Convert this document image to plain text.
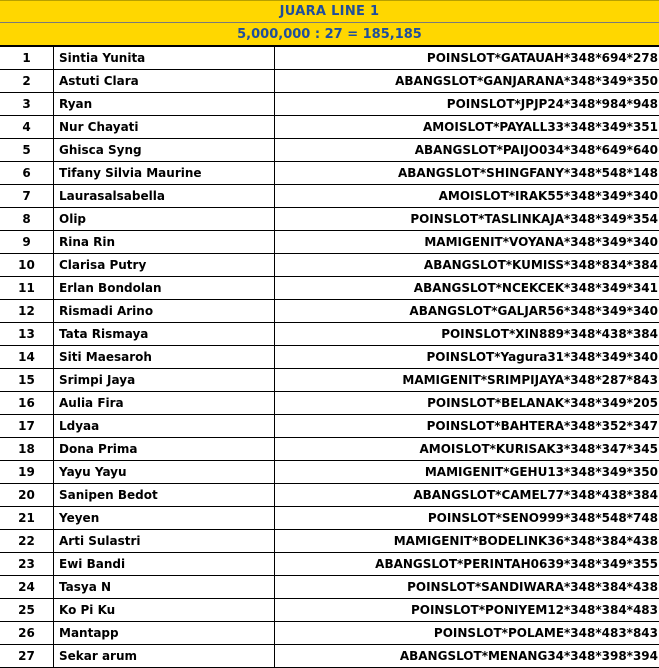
JUARA LINE 1
5,000,000 : 27 = 185,185
1	Sintia Yunita	POINSLOT*GATAUAH*348*694*278
2	Astuti Clara	ABANGSLOT*GANJARANA*348*349*350
3	Ryan	POINSLOT*JPJP24*348*984*948
4	Nur Chayati	AMOISLOT*PAYALL33*348*349*351
5	Ghisca Syng	ABANGSLOT*PAIJO034*348*649*640
6	Tifany Silvia Maurine	ABANGSLOT*SHINGFANY*348*548*148
7	Laurasalsabella	AMOISLOT*IRAK55*348*349*340
8	Olip	POINSLOT*TASLINKAJA*348*349*354
9	Rina Rin	MAMIGENIT*VOYANA*348*349*340
10	Clarisa Putry	ABANGSLOT*KUMISS*348*834*384
11	Erlan Bondolan	ABANGSLOT*NCEKCEK*348*349*341
12	Rismadi Arino	ABANGSLOT*GALJAR56*348*349*340
13	Tata Rismaya	POINSLOT*XIN889*348*438*384
14	Siti Maesaroh	POINSLOT*Yagura31*348*349*340
15	Srimpi Jaya	MAMIGENIT*SRIMPIJAYA*348*287*843
16	Aulia Fira	POINSLOT*BELANAK*348*349*205
17	Ldyaa	POINSLOT*BAHTERA*348*352*347
18	Dona Prima	AMOISLOT*KURISAK3*348*347*345
19	Yayu Yayu	MAMIGENIT*GEHU13*348*349*350
20	Sanipen Bedot	ABANGSLOT*CAMEL77*348*438*384
21	Yeyen	POINSLOT*SENO999*348*548*748
22	Arti Sulastri	MAMIGENIT*BODELINK36*348*384*438
23	Ewi Bandi	ABANGSLOT*PERINTAH0639*348*349*355
24	Tasya N	POINSLOT*SANDIWARA*348*384*438
25	Ko Pi Ku	POINSLOT*PONIYEM12*348*384*483
26	Mantapp	POINSLOT*POLAME*348*483*843
27	Sekar arum	ABANGSLOT*MENANG34*348*398*394
